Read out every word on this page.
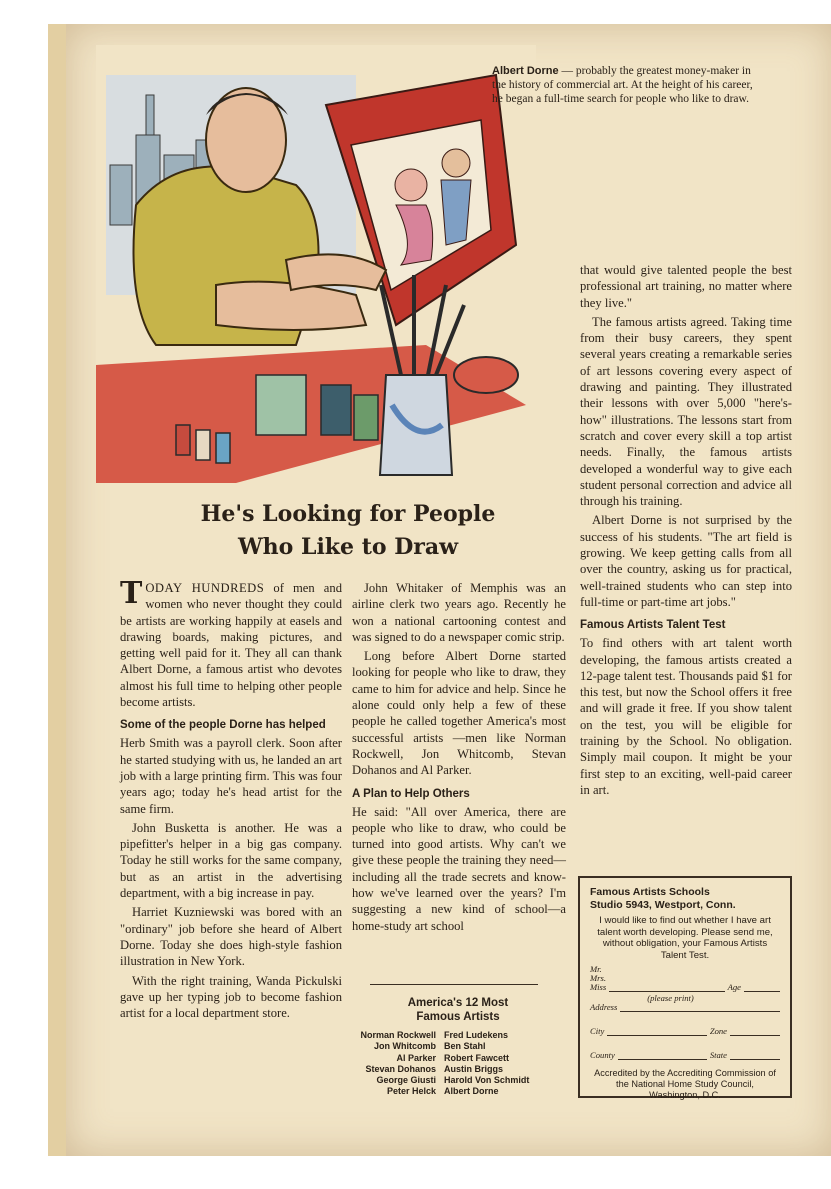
Albert Dorne — probably the greatest money-maker in the history of commercial art. At the height of his career, he began a full-time search for people who like to draw.
He's Looking for People
Who Like to Draw

TODAY HUNDREDS of men and women who never thought they could be artists are working happily at easels and drawing boards, making pictures, and getting well paid for it. They all can thank Albert Dorne, a famous artist who devotes almost his full time to helping other people become artists.

Some of the people Dorne has helped

Herb Smith was a payroll clerk. Soon after he started studying with us, he landed an art job with a large printing firm. This was four years ago; today he's head artist for the same firm.

John Busketta is another. He was a pipefitter's helper in a big gas company. Today he still works for the same company, but as an artist in the advertising department, with a big increase in pay.

Harriet Kuzniewski was bored with an "ordinary" job before she heard of Albert Dorne. Today she does high-style fashion illustration in New York.

With the right training, Wanda Pickulski gave up her typing job to become fashion artist for a local department store.

John Whitaker of Memphis was an airline clerk two years ago. Recently he won a national cartooning contest and was signed to do a newspaper comic strip.

Long before Albert Dorne started looking for people who like to draw, they came to him for advice and help. Since he alone could only help a few of these people he called together America's most successful artists —men like Norman Rockwell, Jon Whitcomb, Stevan Dohanos and Al Parker.

A Plan to Help Others

He said: "All over America, there are people who like to draw, who could be turned into good artists. Why can't we give these people the training they need—including all the trade secrets and know-how we've learned over the years? I'm suggesting a new kind of school—a home-study art school

America's 12 Most
Famous Artists
Norman Rockwell Fred Ludekens
Jon Whitcomb Ben Stahl
Al Parker Robert Fawcett
Stevan Dohanos Austin Briggs
George Giusti Harold Von Schmidt
Peter Helck Albert Dorne

that would give talented people the best professional art training, no matter where they live."

The famous artists agreed. Taking time from their busy careers, they spent several years creating a remarkable series of art lessons covering every aspect of drawing and painting. They illustrated their lessons with over 5,000 "here's-how" illustrations. The lessons start from scratch and cover every skill a top artist needs. Finally, the famous artists developed a wonderful way to give each student personal correction and advice all through his training.

Albert Dorne is not surprised by the success of his students. "The art field is growing. We keep getting calls from all over the country, asking us for practical, well-trained students who can step into full-time or part-time art jobs."

Famous Artists Talent Test

To find others with art talent worth developing, the famous artists created a 12-page talent test. Thousands paid $1 for this test, but now the School offers it free and will grade it free. If you show talent on the test, you will be eligible for training by the School. No obligation. Simply mail coupon. It might be your first step to an exciting, well-paid career in art.

Famous Artists Schools
Studio 5943, Westport, Conn.
I would like to find out whether I have art talent worth developing. Please send me, without obligation, your Famous Artists Talent Test.
Mr.
Mrs.
Miss
(please print)
Age
Address
City	Zone
County	State
Accredited by the Accrediting Commission of the National Home Study Council, Washington, D.C.
